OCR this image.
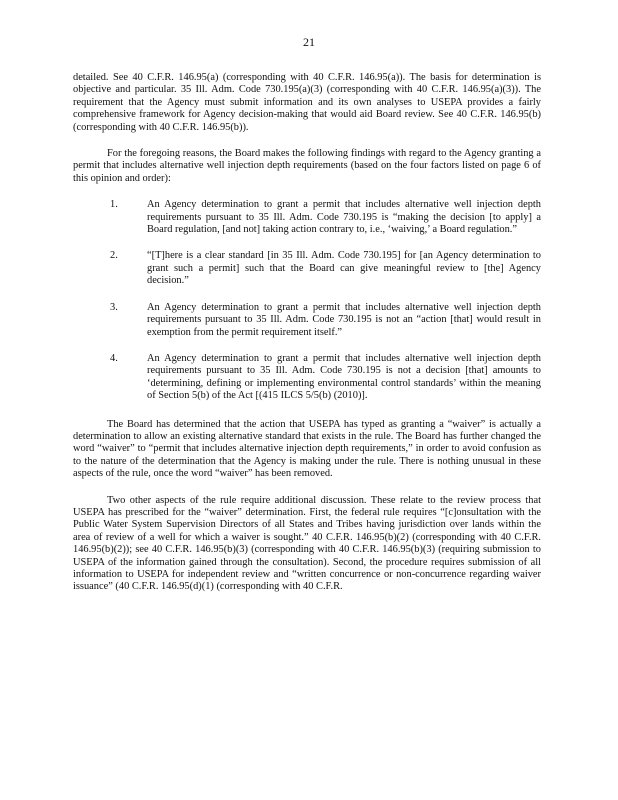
21

detailed. See 40 C.F.R. 146.95(a) (corresponding with 40 C.F.R. 146.95(a)). The basis for determination is objective and particular. 35 Ill. Adm. Code 730.195(a)(3) (corresponding with 40 C.F.R. 146.95(a)(3)). The requirement that the Agency must submit information and its own analyses to USEPA provides a fairly comprehensive framework for Agency decision-making that would aid Board review. See 40 C.F.R. 146.95(b) (corresponding with 40 C.F.R. 146.95(b)).

For the foregoing reasons, the Board makes the following findings with regard to the Agency granting a permit that includes alternative well injection depth requirements (based on the four factors listed on page 6 of this opinion and order):

1.	An Agency determination to grant a permit that includes alternative well injection depth requirements pursuant to 35 Ill. Adm. Code 730.195 is “making the decision [to apply] a Board regulation, [and not] taking action contrary to, i.e., ‘waiving,’ a Board regulation.”
2.	“[T]here is a clear standard [in 35 Ill. Adm. Code 730.195] for [an Agency determination to grant such a permit] such that the Board can give meaningful review to [the] Agency decision.”
3.	An Agency determination to grant a permit that includes alternative well injection depth requirements pursuant to 35 Ill. Adm. Code 730.195 is not an “action [that] would result in exemption from the permit requirement itself.”
4.	An Agency determination to grant a permit that includes alternative well injection depth requirements pursuant to 35 Ill. Adm. Code 730.195 is not a decision [that] amounts to ‘determining, defining or implementing environmental control standards’ within the meaning of Section 5(b) of the Act [(415 ILCS 5/5(b) (2010)].

The Board has determined that the action that USEPA has typed as granting a “waiver” is actually a determination to allow an existing alternative standard that exists in the rule. The Board has further changed the word “waiver” to “permit that includes alternative injection depth requirements,” in order to avoid confusion as to the nature of the determination that the Agency is making under the rule. There is nothing unusual in these aspects of the rule, once the word “waiver” has been removed.

Two other aspects of the rule require additional discussion. These relate to the review process that USEPA has prescribed for the “waiver” determination. First, the federal rule requires “[c]onsultation with the Public Water System Supervision Directors of all States and Tribes having jurisdiction over lands within the area of review of a well for which a waiver is sought.” 40 C.F.R. 146.95(b)(2) (corresponding with 40 C.F.R. 146.95(b)(2)); see 40 C.F.R. 146.95(b)(3) (corresponding with 40 C.F.R. 146.95(b)(3) (requiring submission to USEPA of the information gained through the consultation). Second, the procedure requires submission of all information to USEPA for independent review and “written concurrence or non-concurrence regarding waiver issuance” (40 C.F.R. 146.95(d)(1) (corresponding with 40 C.F.R.
